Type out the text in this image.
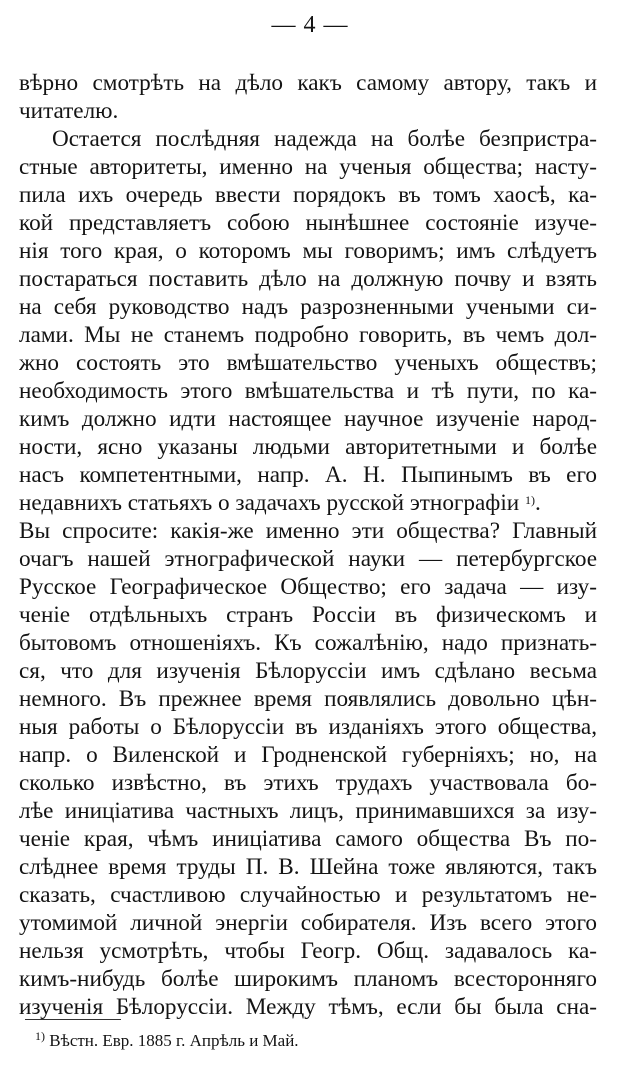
— 4 —
вѣрно смотрѣть на дѣло какъ самому автору, такъ и
читателю.
Остается послѣдняя надежда на болѣе безпристра-
стные авторитеты, именно на ученыя общества; насту-
пила ихъ очередь ввести порядокъ въ томъ хаосѣ, ка-
кой представляетъ собою нынѣшнее состояніе изуче-
нія того края, о которомъ мы говоримъ; имъ слѣдуетъ
постараться поставить дѣло на должную почву и взять
на себя руководство надъ разрозненными учеными си-
лами. Мы не станемъ подробно говорить, въ чемъ дол-
жно состоять это вмѣшательство ученыхъ обществъ;
необходимость этого вмѣшательства и тѣ пути, по ка-
кимъ должно идти настоящее научное изученіе народ-
ности, ясно указаны людьми авторитетными и болѣе
насъ компетентными, напр. А. Н. Пыпинымъ въ его
недавнихъ статьяхъ о задачахъ русской этнографіи $^{1)}$.
Вы спросите: какія-же именно эти общества? Главный
очагъ нашей этнографической науки — петербургское
Русское Географическое Общество; его задача — изу-
ченіе отдѣльныхъ странъ Россіи въ физическомъ и
бытовомъ отношеніяхъ. Къ сожалѣнію, надо признать-
ся, что для изученія Бѣлоруссіи имъ сдѣлано весьма
немного. Въ прежнее время появлялись довольно цѣн-
ныя работы о Бѣлоруссіи въ изданіяхъ этого общества,
напр. о Виленской и Гродненской губерніяхъ; но, на
сколько извѣстно, въ этихъ трудахъ участвовала бо-
лѣе иниціатива частныхъ лицъ, принимавшихся за изу-
ченіе края, чѣмъ иниціатива самого общества Въ по-
слѣднее время труды П. В. Шейна тоже являются, такъ
сказать, счастливою случайностью и результатомъ не-
утомимой личной энергіи собирателя. Изъ всего этого
нельзя усмотрѣть, чтобы Геогр. Общ. задавалось ка-
кимъ-нибудь болѣе широкимъ планомъ всесторонняго
изученія Бѣлоруссіи. Между тѣмъ, если бы была сна-
$^{1)}$ Вѣстн. Евр. 1885 г. Апрѣль и Май.
